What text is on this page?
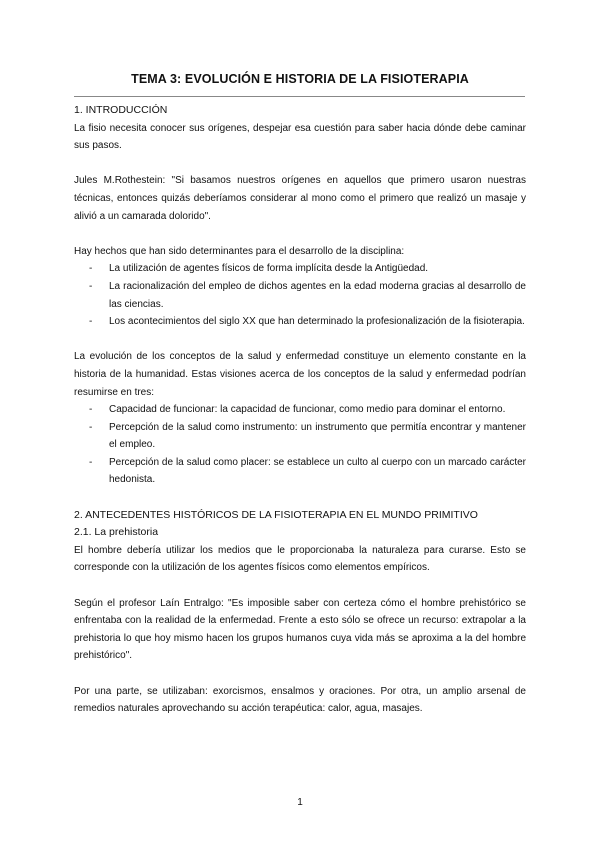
TEMA 3: EVOLUCIÓN E HISTORIA DE LA FISIOTERAPIA

1. INTRODUCCIÓN

La fisio necesita conocer sus orígenes, despejar esa cuestión para saber hacia dónde debe caminar sus pasos.

Jules M.Rothestein: "Si basamos nuestros orígenes en aquellos que primero usaron nuestras técnicas, entonces quizás deberíamos considerar al mono como el primero que realizó un masaje y alivió a un camarada dolorido".

Hay hechos que han sido determinantes para el desarrollo de la disciplina:

- La utilización de agentes físicos de forma implícita desde la Antigüedad.
- La racionalización del empleo de dichos agentes en la edad moderna gracias al desarrollo de las ciencias.
- Los acontecimientos del siglo XX que han determinado la profesionalización de la fisioterapia.

La evolución de los conceptos de la salud y enfermedad constituye un elemento constante en la historia de la humanidad. Estas visiones acerca de los conceptos de la salud y enfermedad podrían resumirse en tres:

- Capacidad de funcionar: la capacidad de funcionar, como medio para dominar el entorno.
- Percepción de la salud como instrumento: un instrumento que permitía encontrar y mantener el empleo.
- Percepción de la salud como placer: se establece un culto al cuerpo con un marcado carácter hedonista.

2. ANTECEDENTES HISTÓRICOS DE LA FISIOTERAPIA EN EL MUNDO PRIMITIVO

2.1. La prehistoria

El hombre debería utilizar los medios que le proporcionaba la naturaleza para curarse. Esto se corresponde con la utilización de los agentes físicos como elementos empíricos.

Según el profesor Laín Entralgo: "Es imposible saber con certeza cómo el hombre prehistórico se enfrentaba con la realidad de la enfermedad. Frente a esto sólo se ofrece un recurso: extrapolar a la prehistoria lo que hoy mismo hacen los grupos humanos cuya vida más se aproxima a la del hombre prehistórico".

Por una parte, se utilizaban: exorcismos, ensalmos y oraciones. Por otra, un amplio arsenal de remedios naturales aprovechando su acción terapéutica: calor, agua, masajes.

1
